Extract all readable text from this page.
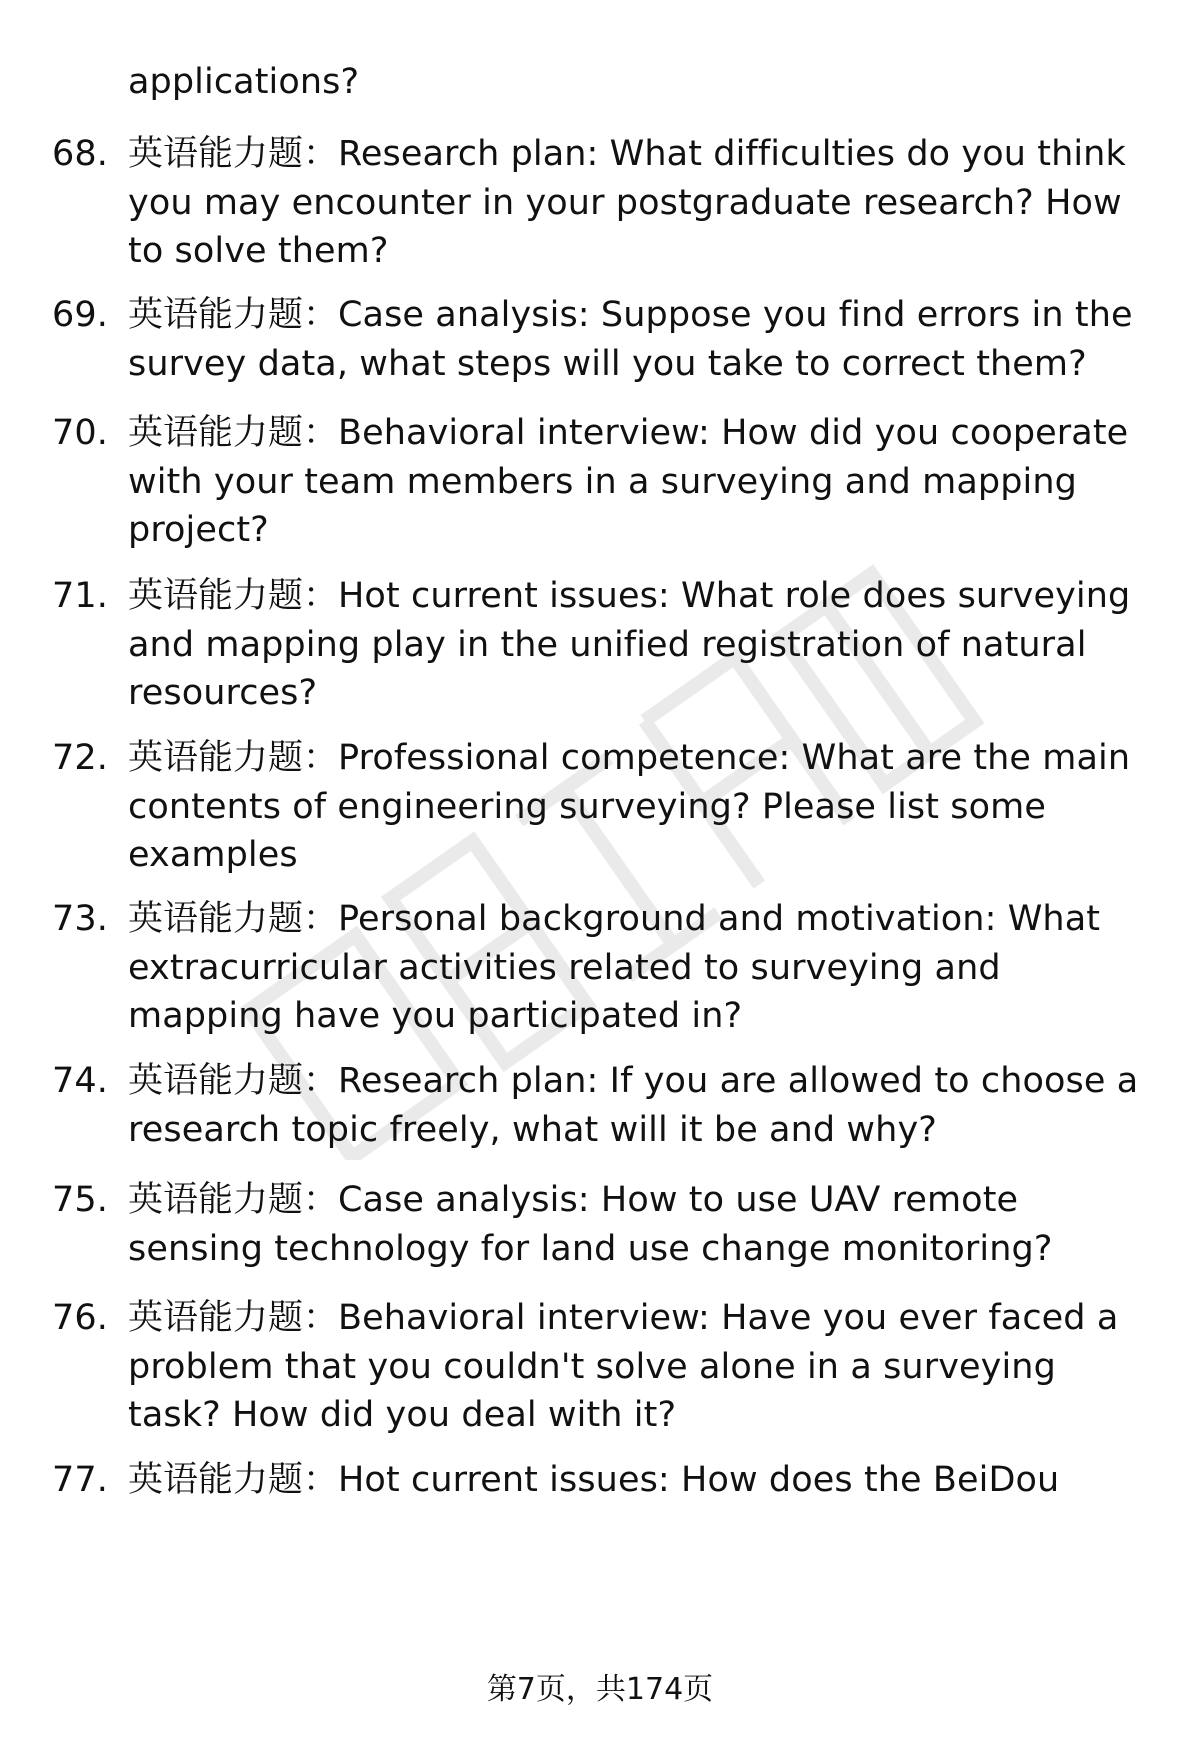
applications?
68. 英语能力题：Research plan: What difficulties do you think you may encounter in your postgraduate research? How to solve them?
69. 英语能力题：Case analysis: Suppose you find errors in the survey data, what steps will you take to correct them?
70. 英语能力题：Behavioral interview: How did you cooperate with your team members in a surveying and mapping project?
71. 英语能力题：Hot current issues: What role does surveying and mapping play in the unified registration of natural resources?
72. 英语能力题：Professional competence: What are the main contents of engineering surveying? Please list some examples
73. 英语能力题：Personal background and motivation: What extracurricular activities related to surveying and mapping have you participated in?
74. 英语能力题：Research plan: If you are allowed to choose a research topic freely, what will it be and why?
75. 英语能力题：Case analysis: How to use UAV remote sensing technology for land use change monitoring?
76. 英语能力题：Behavioral interview: Have you ever faced a problem that you couldn't solve alone in a surveying task? How did you deal with it?
77. 英语能力题：Hot current issues: How does the BeiDou
第7页，共174页
